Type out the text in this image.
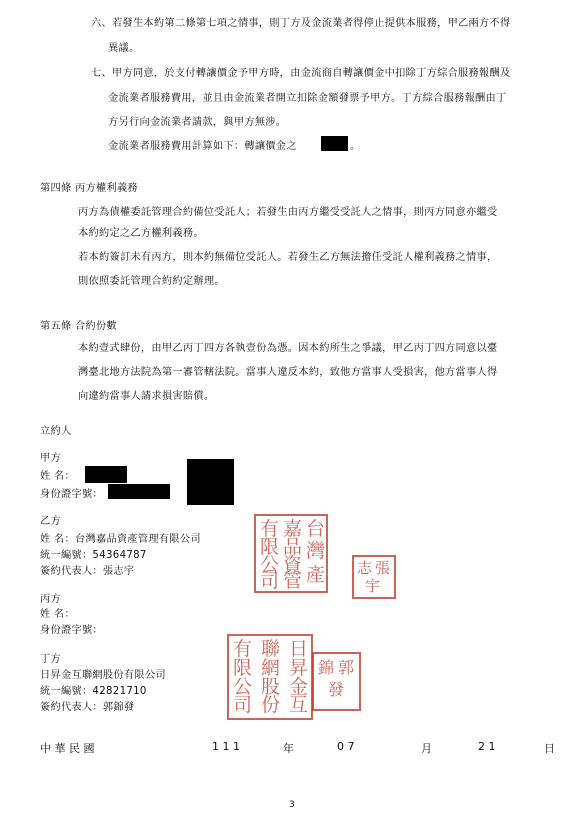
六、若發生本約第二條第七項之情事，則丁方及金流業者得停止提供本服務，甲乙兩方不得
異議。
七、甲方同意，於支付轉讓價金予甲方時，由金流商自轉讓價金中扣除丁方綜合服務報酬及
金流業者服務費用，並且由金流業者開立扣除金額發票予甲方。丁方綜合服務報酬由丁
方另行向金流業者請款，與甲方無涉。
金流業者服務費用計算如下：轉讓價金之	。
第四條 丙方權利義務
丙方為債權委託管理合約備位受託人；若發生由丙方繼受受託人之情事，則丙方同意亦繼受
本約約定之乙方權利義務。
若本約簽訂未有丙方，則本約無備位受託人。若發生乙方無法擔任受託人權利義務之情事，
則依照委託管理合約約定辦理。
第五條 合約份數
本約壹式肆份，由甲乙丙丁四方各執壹份為憑。因本約所生之爭議，甲乙丙丁四方同意以臺
灣臺北地方法院為第一審管轄法院。當事人違反本約，致他方當事人受損害，他方當事人得
向違約當事人請求損害賠償。
立約人
甲方
姓 名：
身份證字號：
乙方
姓 名：台灣嘉品資產管理有限公司
統一編號：54364787
簽約代表人：張志宇
台
灣
嘉
品
資 產
管
有
限
公
司
張
志
宇
丙方
姓 名：
身份證字號：
丁方
日昇金互聯網股份有限公司
統一編號：42821710
簽約代表人：郭錦發
日
昇
金
互
聯
網
股
份
有
限
公
司
郭
錦
發
中 華 民 國	1 1 1	年	0 7	月	2 1	日
3
